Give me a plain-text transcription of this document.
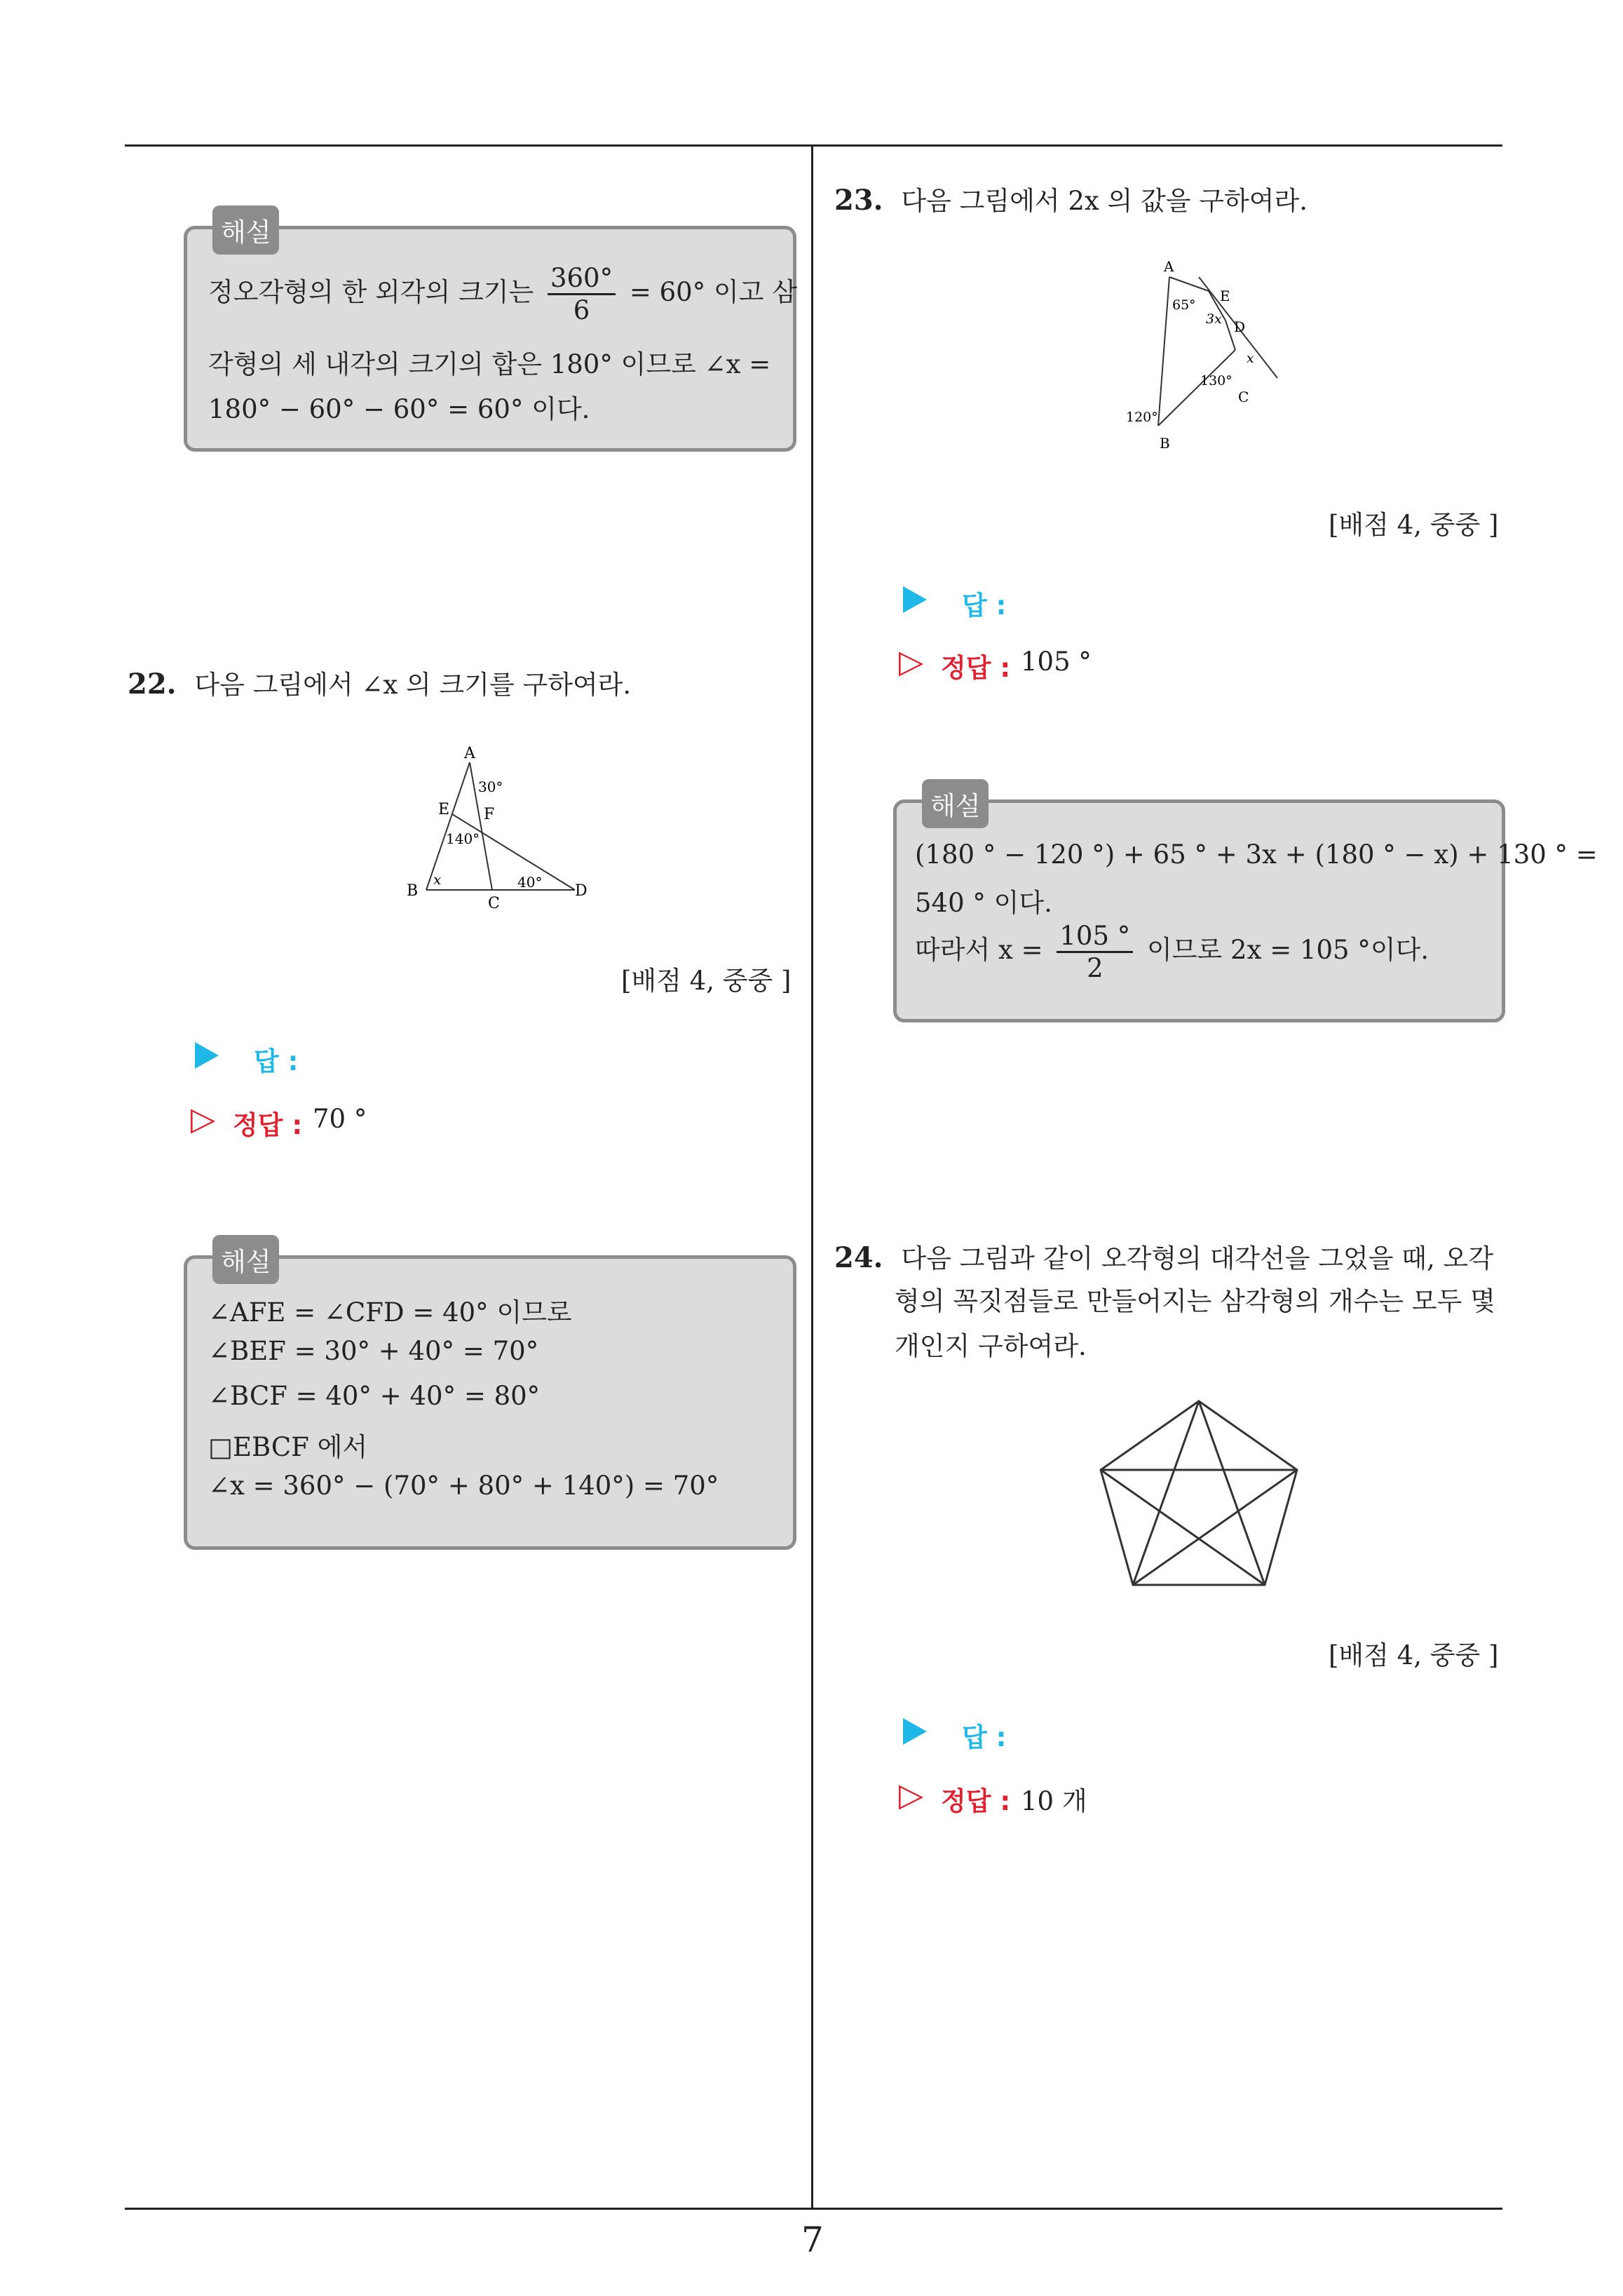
7
해설
정오각형의 한 외각의 크기는 $\frac{360^\circ}{6} = 60^\circ$ 이고 삼
각형의 세 내각의 크기의 합은 180° 이므로 ∠x =
180° − 60° − 60° = 60° 이다.
22. 다음 그림에서 ∠x 의 크기를 구하여라.
A
E F
B
C
D
30°
140°
40°
x
[배점 4, 중중 ]
답 :
▷ 정답 : 70 °
해설
∠AFE = ∠CFD = 40° 이므로
∠BEF = 30° + 40° = 70°
∠BCF = 40° + 40° = 80°
□EBCF 에서
∠x = 360° − (70° + 80° + 140°) = 70°
23. 다음 그림에서 2x 의 값을 구하여라.
A
E
D
C
B
65°
3x
130°
x
120°
[배점 4, 중중 ]
답 :
▷ 정답 : 105 °
해설
(180 ° − 120 °) + 65 ° + 3x + (180 ° − x) + 130 ° =
540 ° 이다.
따라서 $x = \frac{105 ^\circ}{2}$ 이므로 2x = 105 °이다.
24. 다음 그림과 같이 오각형의 대각선을 그었을 때, 오각
형의 꼭짓점들로 만들어지는 삼각형의 개수는 모두 몇
개인지 구하여라.
[배점 4, 중중 ]
답 :
▷ 정답 : 10 개
